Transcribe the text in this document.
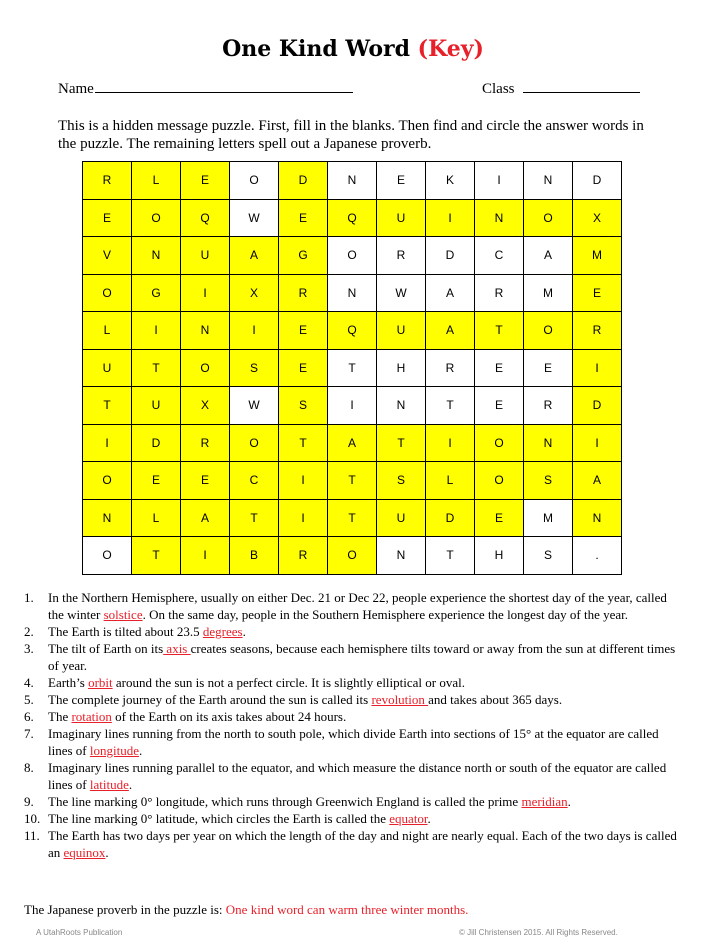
One Kind Word (Key)
Name	Class
This is a hidden message puzzle. First, fill in the blanks. Then find and circle the answer words in the puzzle. The remaining letters spell out a Japanese proverb.
R	L	E	O	D	N	E	K	I	N	D
E	O	Q	W	E	Q	U	I	N	O	X
V	N	U	A	G	O	R	D	C	A	M
O	G	I	X	R	N	W	A	R	M	E
L	I	N	I	E	Q	U	A	T	O	R
U	T	O	S	E	T	H	R	E	E	I
T	U	X	W	S	I	N	T	E	R	D
I	D	R	O	T	A	T	I	O	N	I
O	E	E	C	I	T	S	L	O	S	A
N	L	A	T	I	T	U	D	E	M	N
O	T	I	B	R	O	N	T	H	S	.
1. In the Northern Hemisphere, usually on either Dec. 21 or Dec 22, people experience the shortest day of the year, called the winter solstice. On the same day, people in the Southern Hemisphere experience the longest day of the year.
2. The Earth is tilted about 23.5 degrees.
3. The tilt of Earth on its axis creates seasons, because each hemisphere tilts toward or away from the sun at different times of year.
4. Earth’s orbit around the sun is not a perfect circle. It is slightly elliptical or oval.
5. The complete journey of the Earth around the sun is called its revolution and takes about 365 days.
6. The rotation of the Earth on its axis takes about 24 hours.
7. Imaginary lines running from the north to south pole, which divide Earth into sections of 15° at the equator are called lines of longitude.
8. Imaginary lines running parallel to the equator, and which measure the distance north or south of the equator are called lines of latitude.
9. The line marking 0° longitude, which runs through Greenwich England is called the prime meridian.
10. The line marking 0° latitude, which circles the Earth is called the equator.
11. The Earth has two days per year on which the length of the day and night are nearly equal. Each of the two days is called an equinox.
The Japanese proverb in the puzzle is: One kind word can warm three winter months.
A UtahRoots Publication	© Jill Christensen 2015. All Rights Reserved.
